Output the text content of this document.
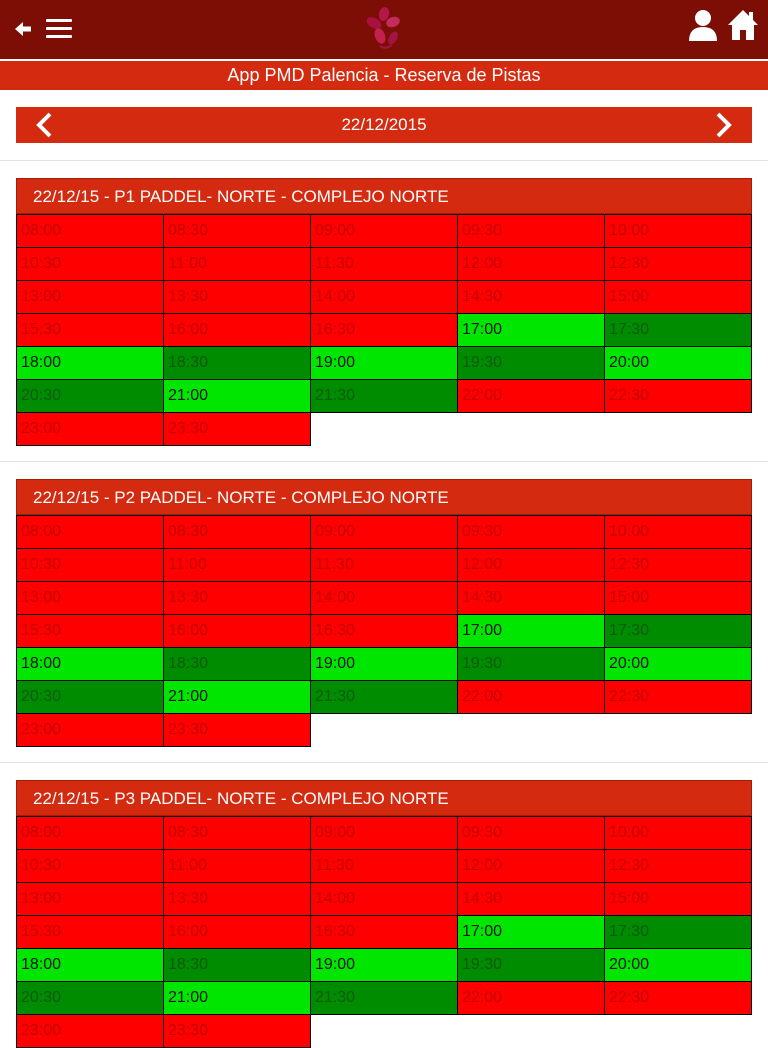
App PMD Palencia - Reserva de Pistas
22/12/2015
22/12/15 - P1 PADDEL- NORTE - COMPLEJO NORTE
08:00	08:30	09:00	09:30	10:00
10:30	11:00	11:30	12:00	12:30
13:00	13:30	14:00	14:30	15:00
15:30	16:00	16:30	17:00	17:30
18:00	18:30	19:00	19:30	20:00
20:30	21:00	21:30	22:00	22:30
23:00	23:30
22/12/15 - P2 PADDEL- NORTE - COMPLEJO NORTE
08:00	08:30	09:00	09:30	10:00
10:30	11:00	11:30	12:00	12:30
13:00	13:30	14:00	14:30	15:00
15:30	16:00	16:30	17:00	17:30
18:00	18:30	19:00	19:30	20:00
20:30	21:00	21:30	22:00	22:30
23:00	23:30
22/12/15 - P3 PADDEL- NORTE - COMPLEJO NORTE
08:00	08:30	09:00	09:30	10:00
10:30	11:00	11:30	12:00	12:30
13:00	13:30	14:00	14:30	15:00
15:30	16:00	16:30	17:00	17:30
18:00	18:30	19:00	19:30	20:00
20:30	21:00	21:30	22:00	22:30
23:00	23:30
